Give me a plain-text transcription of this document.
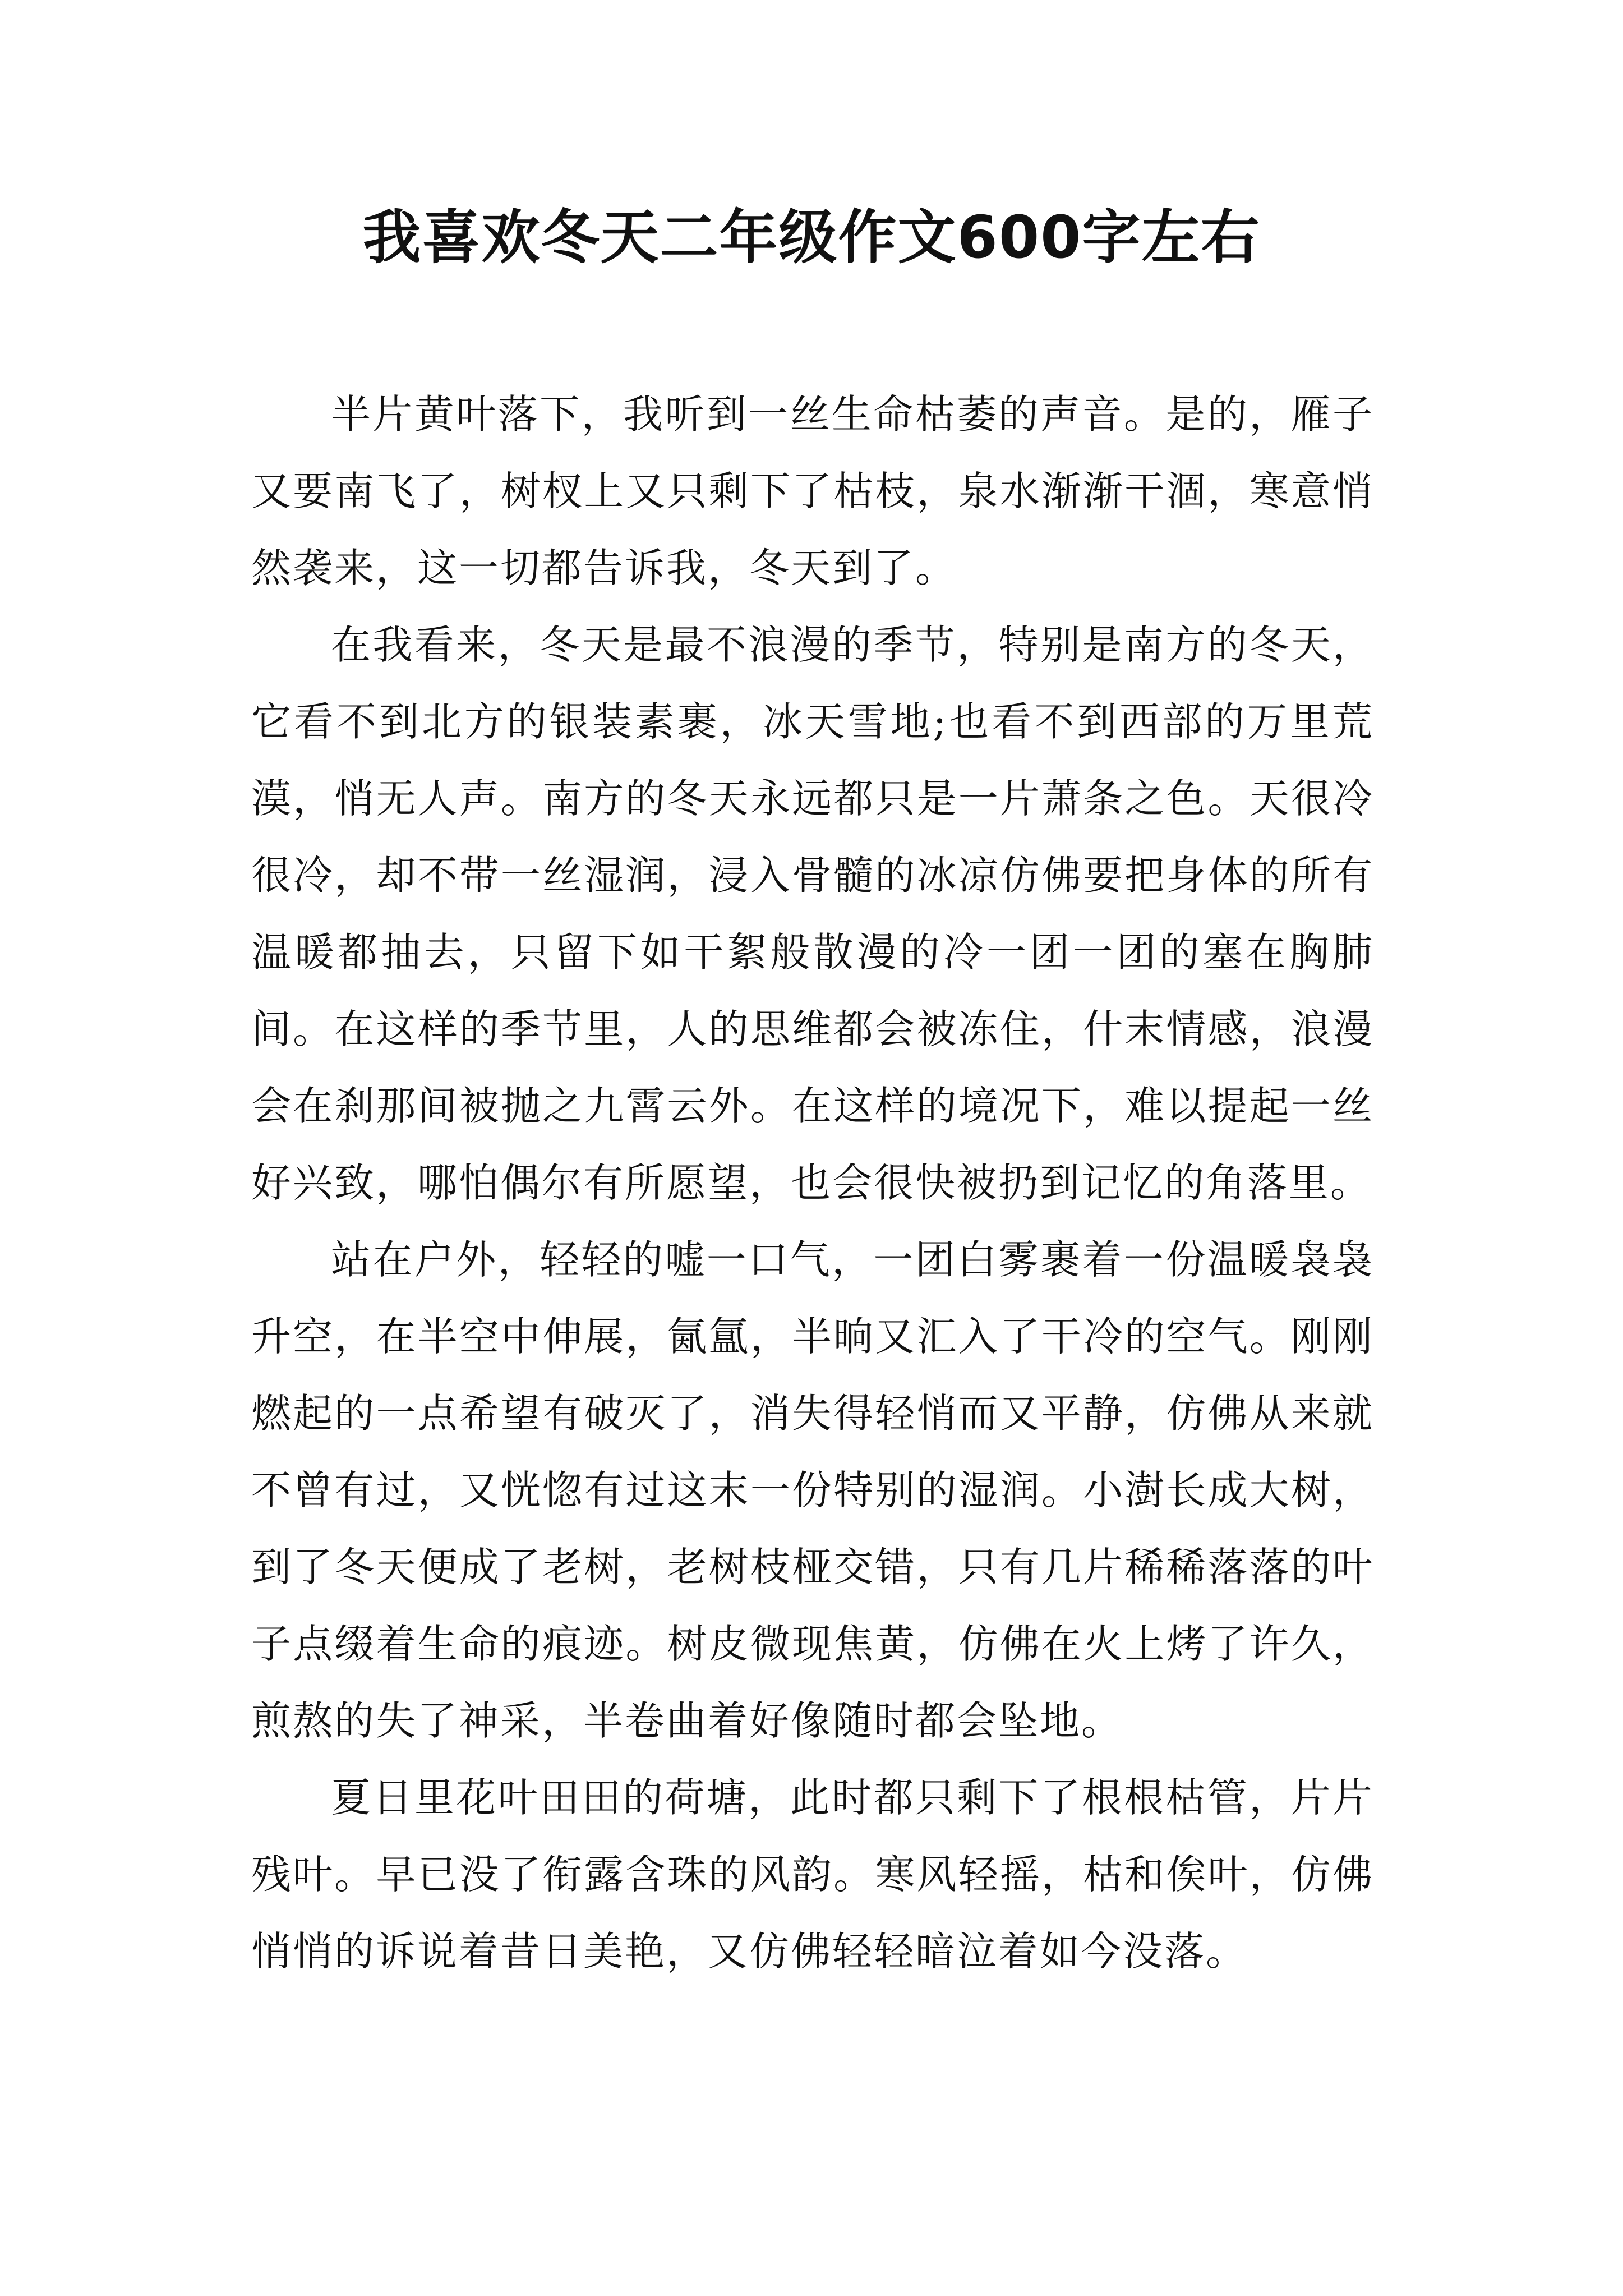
我喜欢冬天二年级作文600字左右

半片黄叶落下，我听到一丝生命枯萎的声音。是的，雁子又要南飞了，树杈上又只剩下了枯枝，泉水渐渐干涸，寒意悄然袭来，这一切都告诉我，冬天到了。

在我看来，冬天是最不浪漫的季节，特别是南方的冬天，它看不到北方的银装素裹，冰天雪地;也看不到西部的万里荒漠，悄无人声。南方的冬天永远都只是一片萧条之色。天很冷很冷，却不带一丝湿润，浸入骨髓的冰凉仿佛要把身体的所有温暖都抽去，只留下如干絮般散漫的冷一团一团的塞在胸肺间。在这样的季节里，人的思维都会被冻住，什末情感，浪漫会在刹那间被抛之九霄云外。在这样的境况下，难以提起一丝好兴致，哪怕偶尔有所愿望，也会很快被扔到记忆的角落里。

站在户外，轻轻的嘘一口气，一团白雾裹着一份温暖袅袅升空，在半空中伸展，氤氲，半晌又汇入了干冷的空气。刚刚燃起的一点希望有破灭了，消失得轻悄而又平静，仿佛从来就不曾有过，又恍惚有过这末一份特别的湿润。小澍长成大树，到了冬天便成了老树，老树枝桠交错，只有几片稀稀落落的叶子点缀着生命的痕迹。树皮微现焦黄，仿佛在火上烤了许久，煎熬的失了神采，半卷曲着好像随时都会坠地。

夏日里花叶田田的荷塘，此时都只剩下了根根枯管，片片残叶。早已没了衔露含珠的风韵。寒风轻摇，枯和俟叶，仿佛悄悄的诉说着昔日美艳，又仿佛轻轻暗泣着如今没落。
